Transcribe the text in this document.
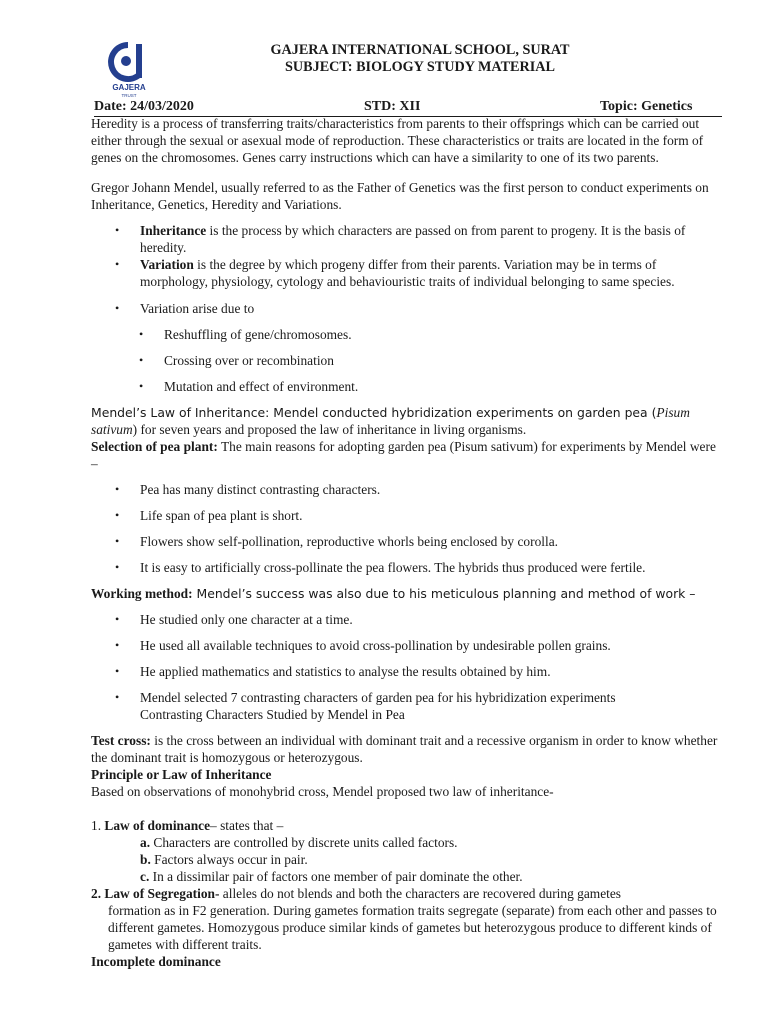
GAJERA
TRUST
GAJERA INTERNATIONAL SCHOOL, SURAT
SUBJECT: BIOLOGY STUDY MATERIAL
Date: 24/03/2020	STD: XII	Topic: Genetics

Heredity is a process of transferring traits/characteristics from parents to their offsprings which can be carried out either through the sexual or asexual mode of reproduction. These characteristics or traits are located in the form of genes on the chromosomes. Genes carry instructions which can have a similarity to one of its two parents.

Gregor Johann Mendel, usually referred to as the Father of Genetics was the first person to conduct experiments on Inheritance, Genetics, Heredity and Variations.

• Inheritance is the process by which characters are passed on from parent to progeny. It is the basis of heredity.
• Variation is the degree by which progeny differ from their parents. Variation may be in terms of morphology, physiology, cytology and behaviouristic traits of individual belonging to same species.
• Variation arise due to
• Reshuffling of gene/chromosomes.
• Crossing over or recombination
• Mutation and effect of environment.

Mendel’s Law of Inheritance: Mendel conducted hybridization experiments on garden pea (Pisum sativum) for seven years and proposed the law of inheritance in living organisms.

Selection of pea plant: The main reasons for adopting garden pea (Pisum sativum) for experiments by Mendel were –

• Pea has many distinct contrasting characters.
• Life span of pea plant is short.
• Flowers show self-pollination, reproductive whorls being enclosed by corolla.
• It is easy to artificially cross-pollinate the pea flowers. The hybrids thus produced were fertile.

Working method: Mendel’s success was also due to his meticulous planning and method of work –

• He studied only one character at a time.
• He used all available techniques to avoid cross-pollination by undesirable pollen grains.
• He applied mathematics and statistics to analyse the results obtained by him.
• Mendel selected 7 contrasting characters of garden pea for his hybridization experiments
Contrasting Characters Studied by Mendel in Pea

Test cross: is the cross between an individual with dominant trait and a recessive organism in order to know whether the dominant trait is homozygous or heterozygous.

Principle or Law of Inheritance

Based on observations of monohybrid cross, Mendel proposed two law of inheritance-

1. Law of dominance– states that –

a. Characters are controlled by discrete units called factors.

b. Factors always occur in pair.

c. In a dissimilar pair of factors one member of pair dominate the other.

2. Law of Segregation- alleles do not blends and both the characters are recovered during gametes

formation as in F2 generation. During gametes formation traits segregate (separate) from each other and passes to different gametes. Homozygous produce similar kinds of gametes but heterozygous produce to different kinds of gametes with different traits.

Incomplete dominance
